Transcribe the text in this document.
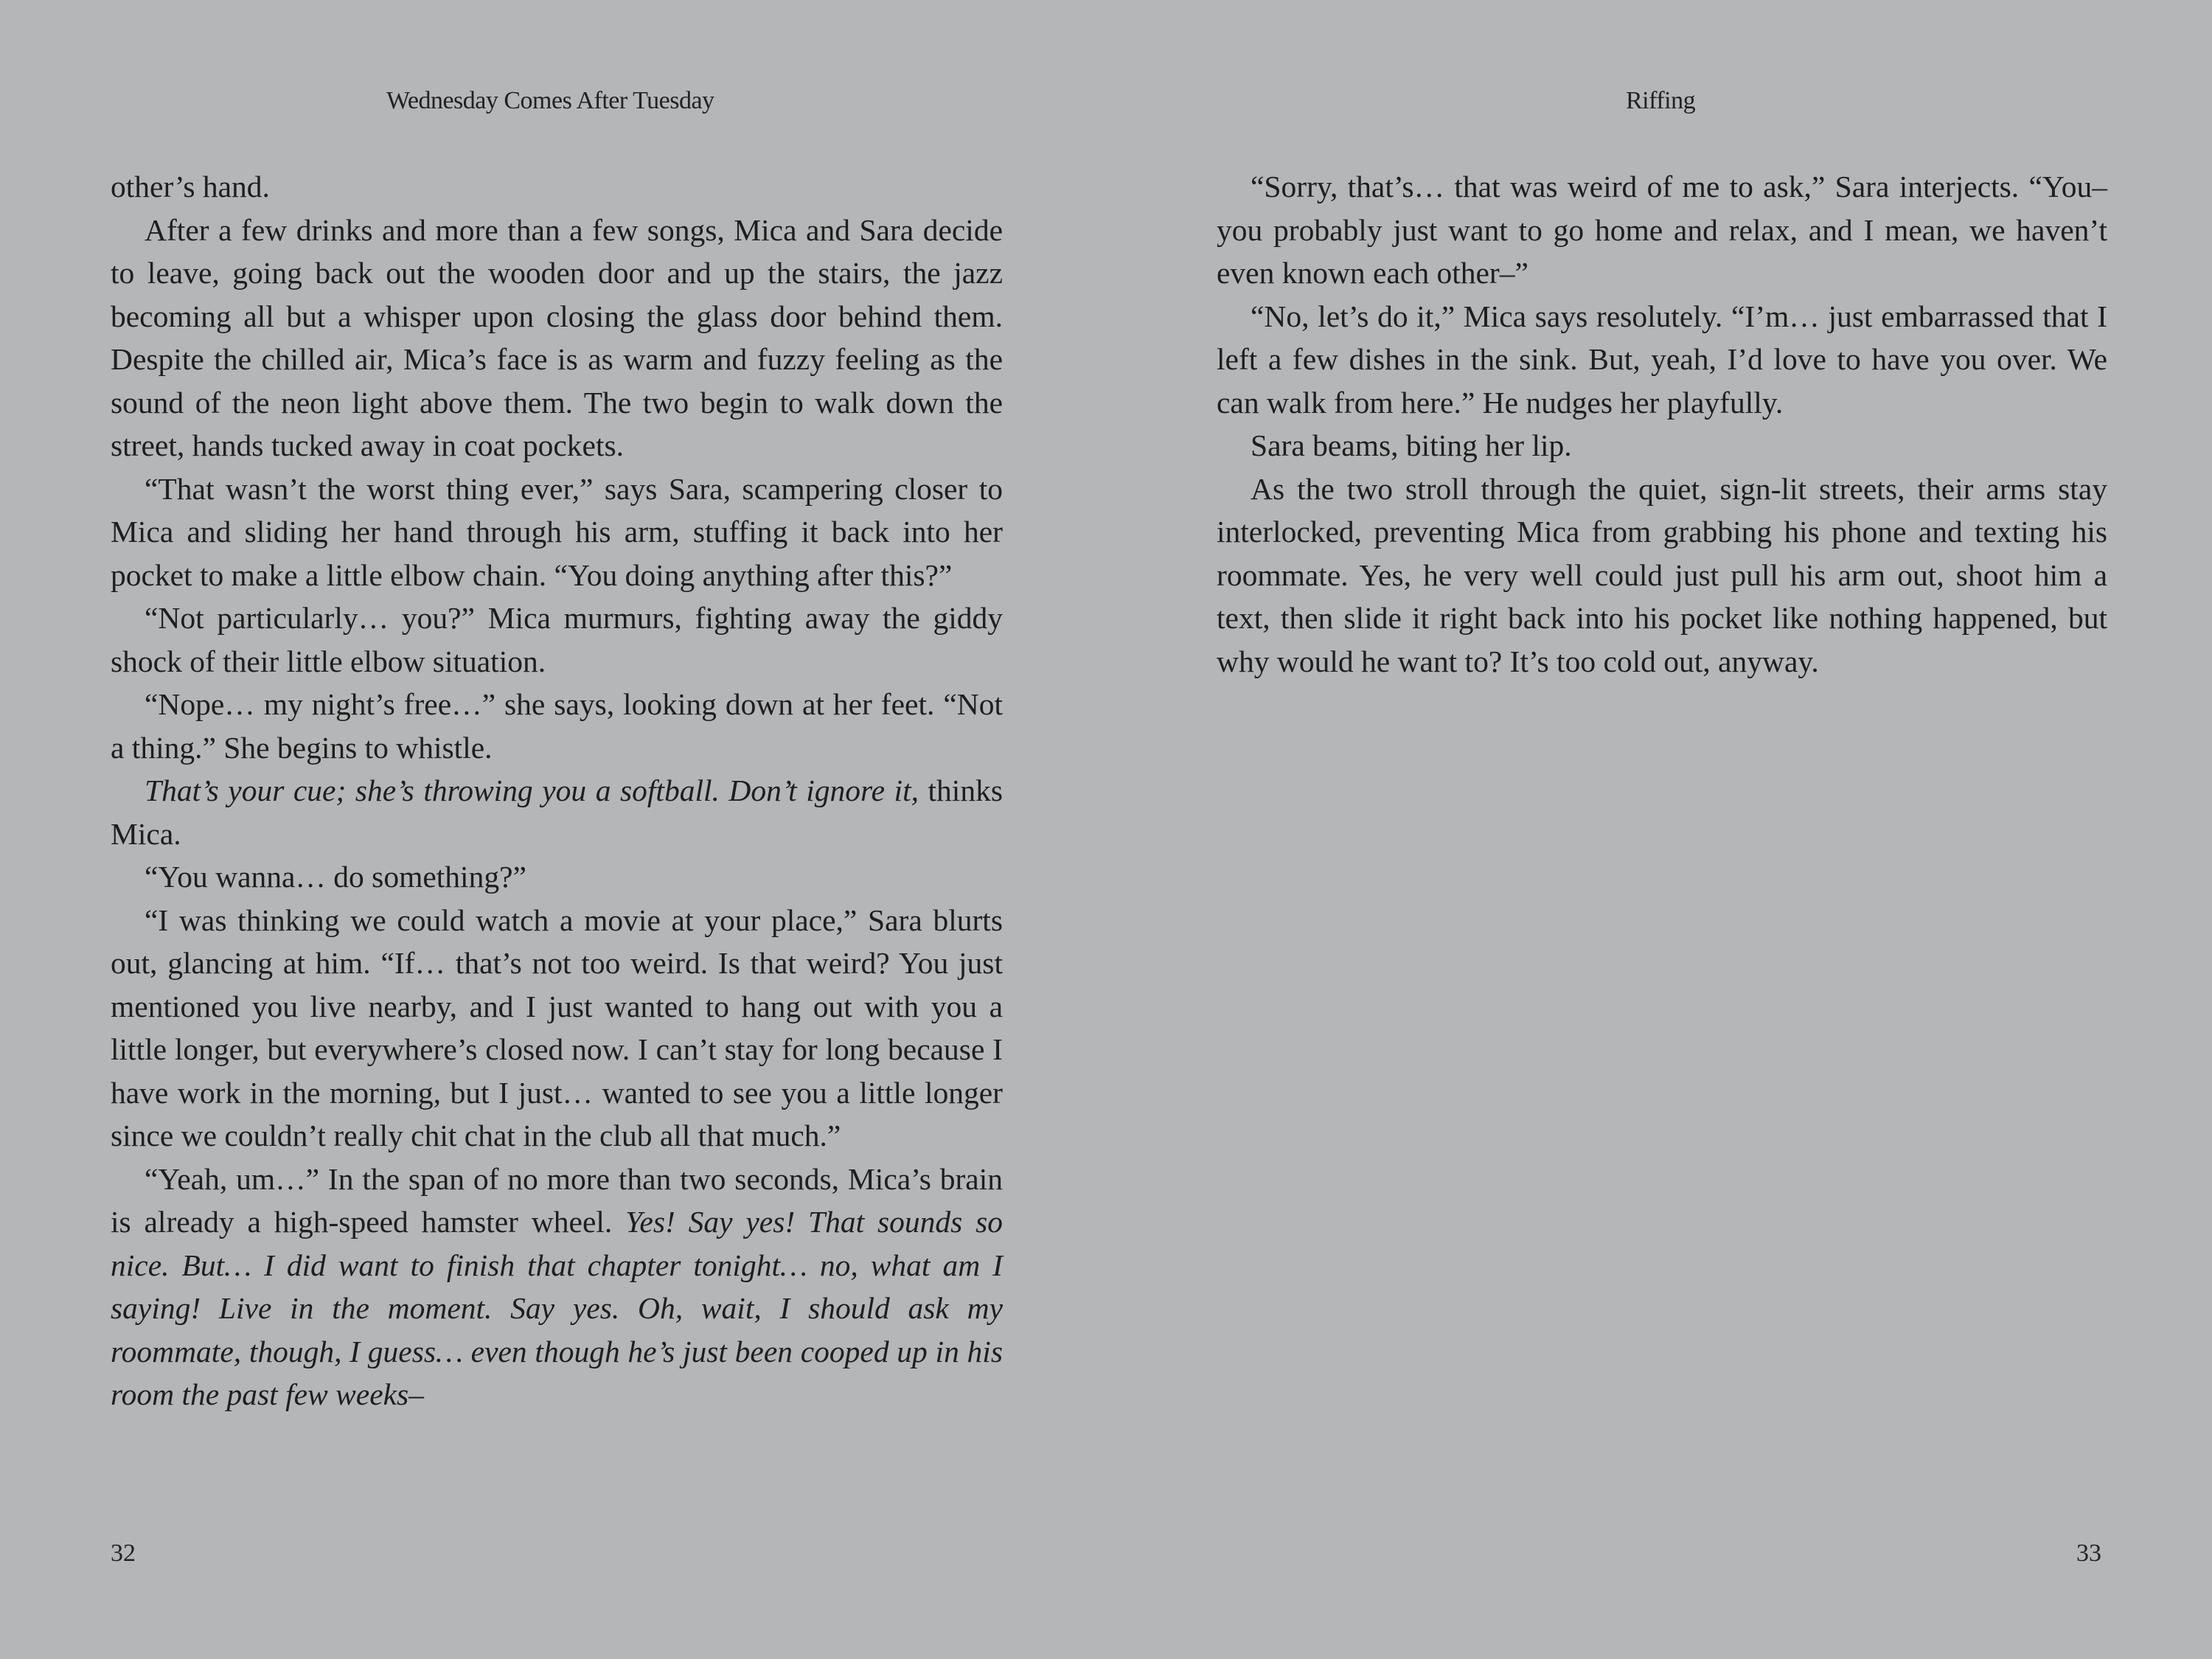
Wednesday Comes After Tuesday

other’s hand.

After a few drinks and more than a few songs, Mica and Sara decide to leave, going back out the wooden door and up the stairs, the jazz becoming all but a whisper upon closing the glass door behind them. Despite the chilled air, Mica’s face is as warm and fuzzy feeling as the sound of the neon light above them. The two begin to walk down the street, hands tucked away in coat pockets.

“That wasn’t the worst thing ever,” says Sara, scampering closer to Mica and sliding her hand through his arm, stuffing it back into her pocket to make a little elbow chain. “You doing anything after this?”

“Not particularly… you?” Mica murmurs, fighting away the giddy shock of their little elbow situation.

“Nope… my night’s free…” she says, looking down at her feet. “Not a thing.” She begins to whistle.

That’s your cue; she’s throwing you a softball. Don’t ignore it, thinks Mica.

“You wanna… do something?”

“I was thinking we could watch a movie at your place,” Sara blurts out, glancing at him. “If… that’s not too weird. Is that weird? You just mentioned you live nearby, and I just wanted to hang out with you a little longer, but everywhere’s closed now. I can’t stay for long because I have work in the morning, but I just… wanted to see you a little longer since we couldn’t really chit chat in the club all that much.”

“Yeah, um…” In the span of no more than two seconds, Mica’s brain is already a high-speed hamster wheel. Yes! Say yes! That sounds so nice. But… I did want to finish that chapter tonight… no, what am I saying! Live in the moment. Say yes. Oh, wait, I should ask my roommate, though, I guess… even though he’s just been cooped up in his room the past few weeks–

32
Riffing

“Sorry, that’s… that was weird of me to ask,” Sara interjects. “You– you probably just want to go home and relax, and I mean, we haven’t even known each other–”

“No, let’s do it,” Mica says resolutely. “I’m… just embarrassed that I left a few dishes in the sink. But, yeah, I’d love to have you over. We can walk from here.” He nudges her playfully.

Sara beams, biting her lip.

As the two stroll through the quiet, sign-lit streets, their arms stay interlocked, preventing Mica from grabbing his phone and texting his roommate. Yes, he very well could just pull his arm out, shoot him a text, then slide it right back into his pocket like nothing happened, but why would he want to? It’s too cold out, anyway.

33
